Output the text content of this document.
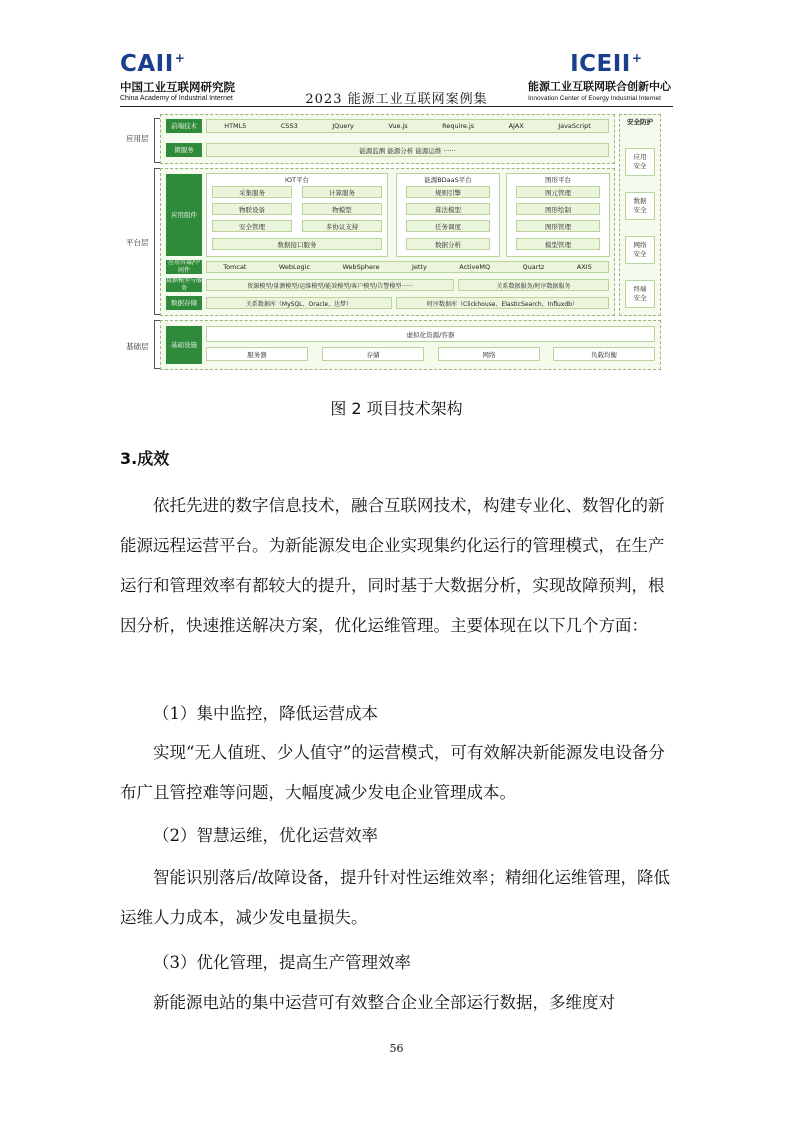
CAII +
中国工业互联网研究院
China Academy of Industrial Internet	2023 能源工业互联网案例集
ICEII +
能源工业互联网联合创新中心
Innovation Center of Energy Industrial Internet
应用层
平台层
基础层
前端技术	HTML5	CSS3	JQuery	Vue.js	Require.js	AJAX	JavaScript
微服务	能源监测 能源分析 能源运维 ······
应用组件
IOT平台
采集服务	计算服务
物联设备	物模型
安全管理	多协议支持
数据接口服务
能源BDaaS平台
规则引擎
算法模型
任务调度
数据分析
图形平台
图元管理
图形绘制
图形管理
模型管理
应用容器/中间件	Tomcat	WebLogic	WebSphere	Jetty	ActiveMQ	Quartz	AXIS
数据模型与服务	资源模型/量测模型/运维模型/能效模型/客户模型/告警模型······	关系数据服务/时序数据服务
数据存储	关系数据库（MySQL、Oracle、达梦）	时序数据库（Clickhouse、ElasticSearch、Influxdb）
安全防护
应用安全
数据安全
网络安全
终端安全
基础设施
虚拟化资源/容器
服务器	存储	网络	负载均衡
图 2 项目技术架构
3.成效
依托先进的数字信息技术，融合互联网技术，构建专业化、数智化的新能源远程运营平台。为新能源发电企业实现集约化运行的管理模式，在生产运行和管理效率有都较大的提升，同时基于大数据分析，实现故障预判，根因分析，快速推送解决方案，优化运维管理。主要体现在以下几个方面：
（1）集中监控，降低运营成本
实现“无人值班、少人值守”的运营模式，可有效解决新能源发电设备分布广且管控难等问题，大幅度减少发电企业管理成本。
（2）智慧运维，优化运营效率
智能识别落后/故障设备，提升针对性运维效率；精细化运维管理，降低运维人力成本，减少发电量损失。
（3）优化管理，提高生产管理效率
新能源电站的集中运营可有效整合企业全部运行数据，多维度对
56
